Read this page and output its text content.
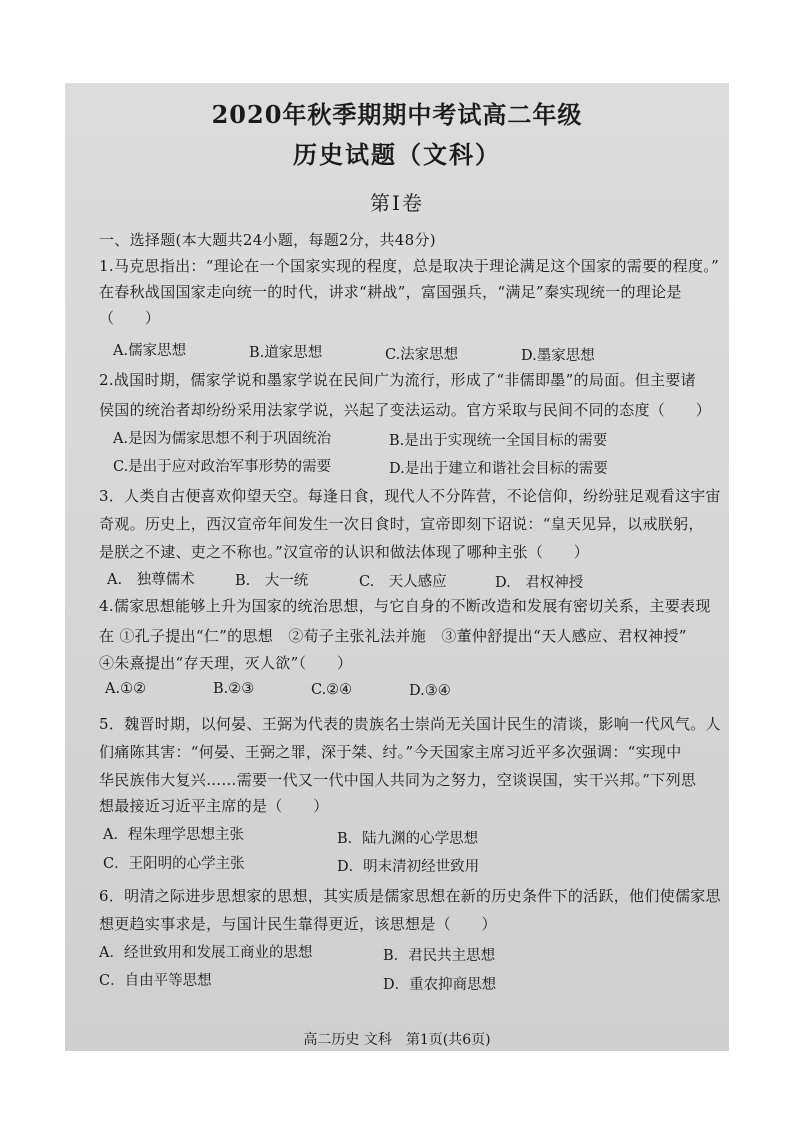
2020年秋季期期中考试高二年级
历史试题（文科）
第Ⅰ卷
一、选择题(本大题共24小题，每题2分，共48分)
1.马克思指出：“理论在一个国家实现的程度，总是取决于理论满足这个国家的需要的程度。”
在春秋战国国家走向统一的时代，讲求“耕战”，富国强兵，“满足”秦实现统一的理论是
（　　）
A.儒家思想	B.道家思想	C.法家思想	D.墨家思想
2.战国时期，儒家学说和墨家学说在民间广为流行，形成了“非儒即墨”的局面。但主要诸
侯国的统治者却纷纷采用法家学说，兴起了变法运动。官方采取与民间不同的态度（　　）
A.是因为儒家思想不利于巩固统治	B.是出于实现统一全国目标的需要
C.是出于应对政治军事形势的需要	D.是出于建立和谐社会目标的需要
3．人类自古便喜欢仰望天空。每逢日食，现代人不分阵营，不论信仰，纷纷驻足观看这宇宙
奇观。历史上，西汉宣帝年间发生一次日食时，宣帝即刻下诏说：“皇天见异，以戒朕躬，
是朕之不逮、吏之不称也。”汉宣帝的认识和做法体现了哪种主张（　　）
A.　独尊儒术	B.　大一统	C.　天人感应	D.　君权神授
4.儒家思想能够上升为国家的统治思想，与它自身的不断改造和发展有密切关系，主要表现
在 ①孔子提出“仁”的思想　②荀子主张礼法并施　③董仲舒提出“天人感应、君权神授”
④朱熹提出“存天理，灭人欲”（　　）
A.①②	B.②③	C.②④	D.③④
5．魏晋时期，以何晏、王弼为代表的贵族名士崇尚无关国计民生的清谈，影响一代风气。人
们痛陈其害：“何晏、王弼之罪，深于桀、纣。”今天国家主席习近平多次强调：“实现中
华民族伟大复兴……需要一代又一代中国人共同为之努力，空谈误国，实干兴邦。”下列思
想最接近习近平主席的是（　　）
A．程朱理学思想主张	B．陆九渊的心学思想
C．王阳明的心学主张	D．明末清初经世致用
6．明清之际进步思想家的思想，其实质是儒家思想在新的历史条件下的活跃，他们使儒家思
想更趋实事求是，与国计民生靠得更近，该思想是（　　）
A．经世致用和发展工商业的思想	B．君民共主思想
C．自由平等思想	D．重农抑商思想
高二历史 文科　第1页(共6页)
